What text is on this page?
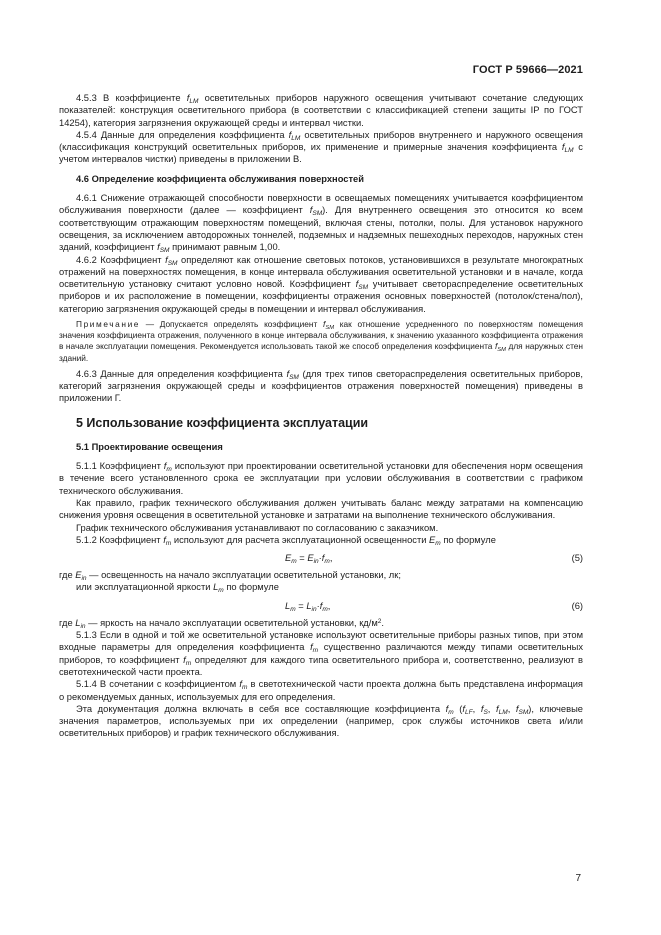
ГОСТ Р 59666—2021

4.5.3 В коэффициенте $f_{LM}$ осветительных приборов наружного освещения учитывают сочетание следующих показателей: конструкция осветительного прибора (в соответствии с классификацией степени защиты IP по ГОСТ 14254), категория загрязнения окружающей среды и интервал чистки.

4.5.4 Данные для определения коэффициента $f_{LM}$ осветительных приборов внутреннего и наружного освещения (классификация конструкций осветительных приборов, их применение и примерные значения коэффициента $f_{LM}$ с учетом интервалов чистки) приведены в приложении В.

4.6 Определение коэффициента обслуживания поверхностей

4.6.1 Снижение отражающей способности поверхности в освещаемых помещениях учитывается коэффициентом обслуживания поверхности (далее — коэффициент $f_{SM}$). Для внутреннего освещения это относится ко всем соответствующим отражающим поверхностям помещений, включая стены, потолки, полы. Для установок наружного освещения, за исключением автодорожных тоннелей, подземных и надземных пешеходных переходов, наружных стен зданий, коэффициент $f_{SM}$ принимают равным 1,00.

4.6.2 Коэффициент $f_{SM}$ определяют как отношение световых потоков, установившихся в результате многократных отражений на поверхностях помещения, в конце интервала обслуживания осветительной установки и в начале, когда осветительную установку считают условно новой. Коэффициент $f_{SM}$ учитывает светораспределение осветительных приборов и их расположение в помещении, коэффициенты отражения основных поверхностей (потолок/стена/пол), категорию загрязнения окружающей среды в помещении и интервал обслуживания.

Примечание — Допускается определять коэффициент $f_{SM}$ как отношение усредненного по поверхностям помещения значения коэффициента отражения, полученного в конце интервала обслуживания, к значению указанного коэффициента отражения в начале эксплуатации помещения. Рекомендуется использовать такой же способ определения коэффициента $f_{SM}$ для наружных стен зданий.

4.6.3 Данные для определения коэффициента $f_{SM}$ (для трех типов светораспределения осветительных приборов, категорий загрязнения окружающей среды и коэффициентов отражения поверхностей помещения) приведены в приложении Г.

5 Использование коэффициента эксплуатации

5.1 Проектирование освещения

5.1.1 Коэффициент $f_m$ используют при проектировании осветительной установки для обеспечения норм освещения в течение всего установленного срока ее эксплуатации при условии обслуживания в соответствии с графиком технического обслуживания.

Как правило, график технического обслуживания должен учитывать баланс между затратами на компенсацию снижения уровня освещения в осветительной установке и затратами на выполнение технического обслуживания.

График технического обслуживания устанавливают по согласованию с заказчиком.

5.1.2 Коэффициент $f_m$ используют для расчета эксплуатационной освещенности $E_m$ по формуле

$E_m = E_{in}\cdot f_m$,	(5)

где $E_{in}$ — освещенность на начало эксплуатации осветительной установки, лк;

или эксплуатационной яркости $L_m$ по формуле

$L_m = L_{in}\cdot f_m$,	(6)

где $L_{in}$ — яркость на начало эксплуатации осветительной установки, $кд/м^2$.

5.1.3 Если в одной и той же осветительной установке используют осветительные приборы разных типов, при этом входные параметры для определения коэффициента $f_m$ существенно различаются между типами осветительных приборов, то коэффициент $f_m$ определяют для каждого типа осветительного прибора и, соответственно, реализуют в светотехнической части проекта.

5.1.4 В сочетании с коэффициентом $f_m$ в светотехнической части проекта должна быть представлена информация о рекомендуемых данных, используемых для его определения.

Эта документация должна включать в себя все составляющие коэффициента $f_m$ ($f_{LF}$, $f_S$, $f_{LM}$, $f_{SM}$), ключевые значения параметров, используемых при их определении (например, срок службы источников света и/или осветительных приборов) и график технического обслуживания.

7
